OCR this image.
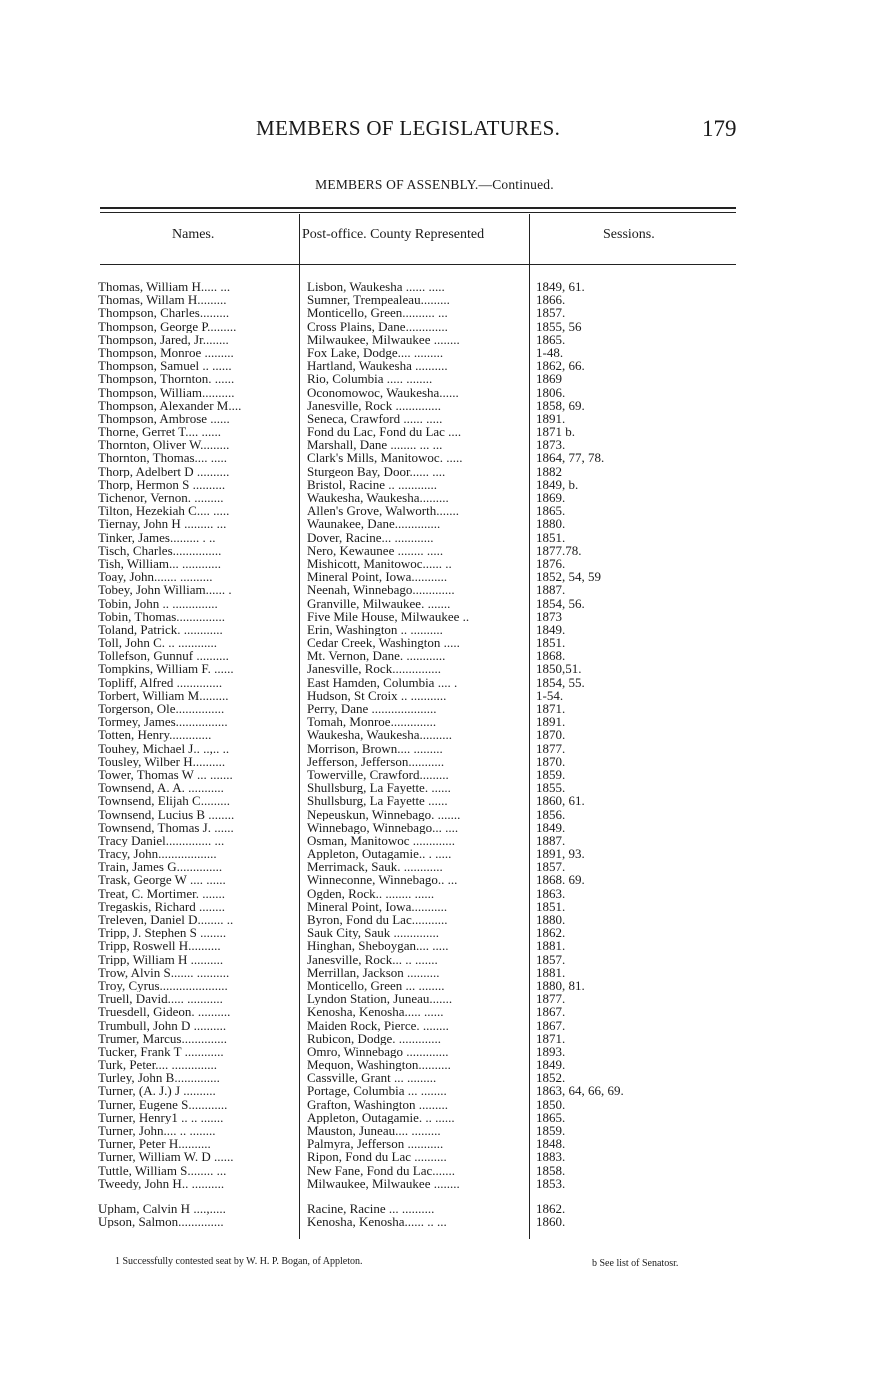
MEMBERS OF LEGISLATURES.	179
MEMBERS OF ASSENBLY.—Continued.
Names.	Post-office. County Represented	Sessions.
Thomas, William H..... ...	Lisbon, Waukesha ...... .....	1849, 61.
Thomas, Willam H.........	Sumner, Trempealeau.........	1866.
Thompson, Charles.........	Monticello, Green.......... ...	1857.
Thompson, George P.........	Cross Plains, Dane.............	1855, 56
Thompson, Jared, Jr........	Milwaukee, Milwaukee ........	1865.
Thompson, Monroe .........	Fox Lake, Dodge.... .........	1-48.
Thompson, Samuel .. ......	Hartland, Waukesha ..........	1862, 66.
Thompson, Thornton. ......	Rio, Columbia ..... ........	1869
Thompson, William..........	Oconomowoc, Waukesha......	1806.
Thompson, Alexander M....	Janesville, Rock ..............	1858, 69.
Thompson, Ambrose ......	Seneca, Crawford ...... .....	1891.
Thorne, Gerret T.... ......	Fond du Lac, Fond du Lac ....	1871 b.
Thornton, Oliver W.........	Marshall, Dane ........ ... ...	1873.
Thornton, Thomas.... .....	Clark's Mills, Manitowoc. .....	1864, 77, 78.
Thorp, Adelbert D ..........	Sturgeon Bay, Door...... ....	1882
Thorp, Hermon S ..........	Bristol, Racine .. ............	1849, b.
Tichenor, Vernon. .........	Waukesha, Waukesha.........	1869.
Tilton, Hezekiah C.... .....	Allen's Grove, Walworth.......	1865.
Tiernay, John H ......... ...	Waunakee, Dane..............	1880.
Tinker, James......... . ..	Dover, Racine... ............	1851.
Tisch, Charles...............	Nero, Kewaunee ........ .....	1877.78.
Tish, William... ............	Mishicott, Manitowoc...... ..	1876.
Toay, John....... ..........	Mineral Point, Iowa...........	1852, 54, 59
Tobey, John William...... .	Neenah, Winnebago.............	1887.
Tobin, John .. ..............	Granville, Milwaukee. .......	1854, 56.
Tobin, Thomas...............	Five Mile House, Milwaukee ..	1873
Toland, Patrick. ............	Erin, Washington .. ..........	1849.
Toll, John C. .. ............	Cedar Creek, Washington .....	1851.
Tollefson, Gunnuf ..........	Mt. Vernon, Dane. ............	1868.
Tompkins, William F. ......	Janesville, Rock...............	1850,51.
Topliff, Alfred ..............	East Hamden, Columbia .... .	1854, 55.
Torbert, William M.........	Hudson, St Croix .. ...........	1-54.
Torgerson, Ole...............	Perry, Dane ....................	1871.
Tormey, James................	Tomah, Monroe..............	1891.
Totten, Henry.............	Waukesha, Waukesha..........	1870.
Touhey, Michael J.. ..,.. ..	Morrison, Brown.... .........	1877.
Tousley, Wilber H..........	Jefferson, Jefferson...........	1870.
Tower, Thomas W ... .......	Towerville, Crawford.........	1859.
Townsend, A. A. ...........	Shullsburg, La Fayette. ......	1855.
Townsend, Elijah C.........	Shullsburg, La Fayette ......	1860, 61.
Townsend, Lucius B ........	Nepeuskun, Winnebago. .......	1856.
Townsend, Thomas J. ......	Winnebago, Winnebago... ....	1849.
Tracy Daniel.............. ...	Osman, Manitowoc .............	1887.
Tracy, John..................	Appleton, Outagamie.. . .....	1891, 93.
Train, James G..............	Merrimack, Sauk. ............	1857.
Trask, George W .... ......	Winneconne, Winnebago.. ...	1868. 69.
Treat, C. Mortimer. .......	Ogden, Rock.. ........ ......	1863.
Tregaskis, Richard ........	Mineral Point, Iowa...........	1851.
Treleven, Daniel D........ ..	Byron, Fond du Lac...........	1880.
Tripp, J. Stephen S ........	Sauk City, Sauk ..............	1862.
Tripp, Roswell H..........	Hinghan, Sheboygan.... .....	1881.
Tripp, William H ..........	Janesville, Rock... .. .......	1857.
Trow, Alvin S....... ..........	Merrillan, Jackson ..........	1881.
Troy, Cyrus.....................	Monticello, Green ... ........	1880, 81.
Truell, David..... ...........	Lyndon Station, Juneau.......	1877.
Truesdell, Gideon. ..........	Kenosha, Kenosha..... ......	1867.
Trumbull, John D ..........	Maiden Rock, Pierce. ........	1867.
Trumer, Marcus..............	Rubicon, Dodge. .............	1871.
Tucker, Frank T ............	Omro, Winnebago .............	1893.
Turk, Peter.... ..............	Mequon, Washington..........	1849.
Turley, John B..............	Cassville, Grant ... .........	1852.
Turner, (A. J.) J ..........	Portage, Columbia ... ........	1863, 64, 66, 69.
Turner, Eugene S............	Grafton, Washington .........	1850.
Turner, Henry1 .. .. .......	Appleton, Outagamie. .. ......	1865.
Turner, John.... .. ........	Mauston, Juneau.... .........	1859.
Turner, Peter H..........	Palmyra, Jefferson ...........	1848.
Turner, William W. D ......	Ripon, Fond du Lac ..........	1883.
Tuttle, William S........ ...	New Fane, Fond du Lac.......	1858.
Tweedy, John H.. ..........	Milwaukee, Milwaukee ........	1853.
Upham, Calvin H ....,.....	Racine, Racine ... ..........	1862.
Upson, Salmon..............	Kenosha, Kenosha...... .. ...	1860.
1 Successfully contested seat by W. H. P. Bogan, of Appleton.	b See list of Senatosr.
